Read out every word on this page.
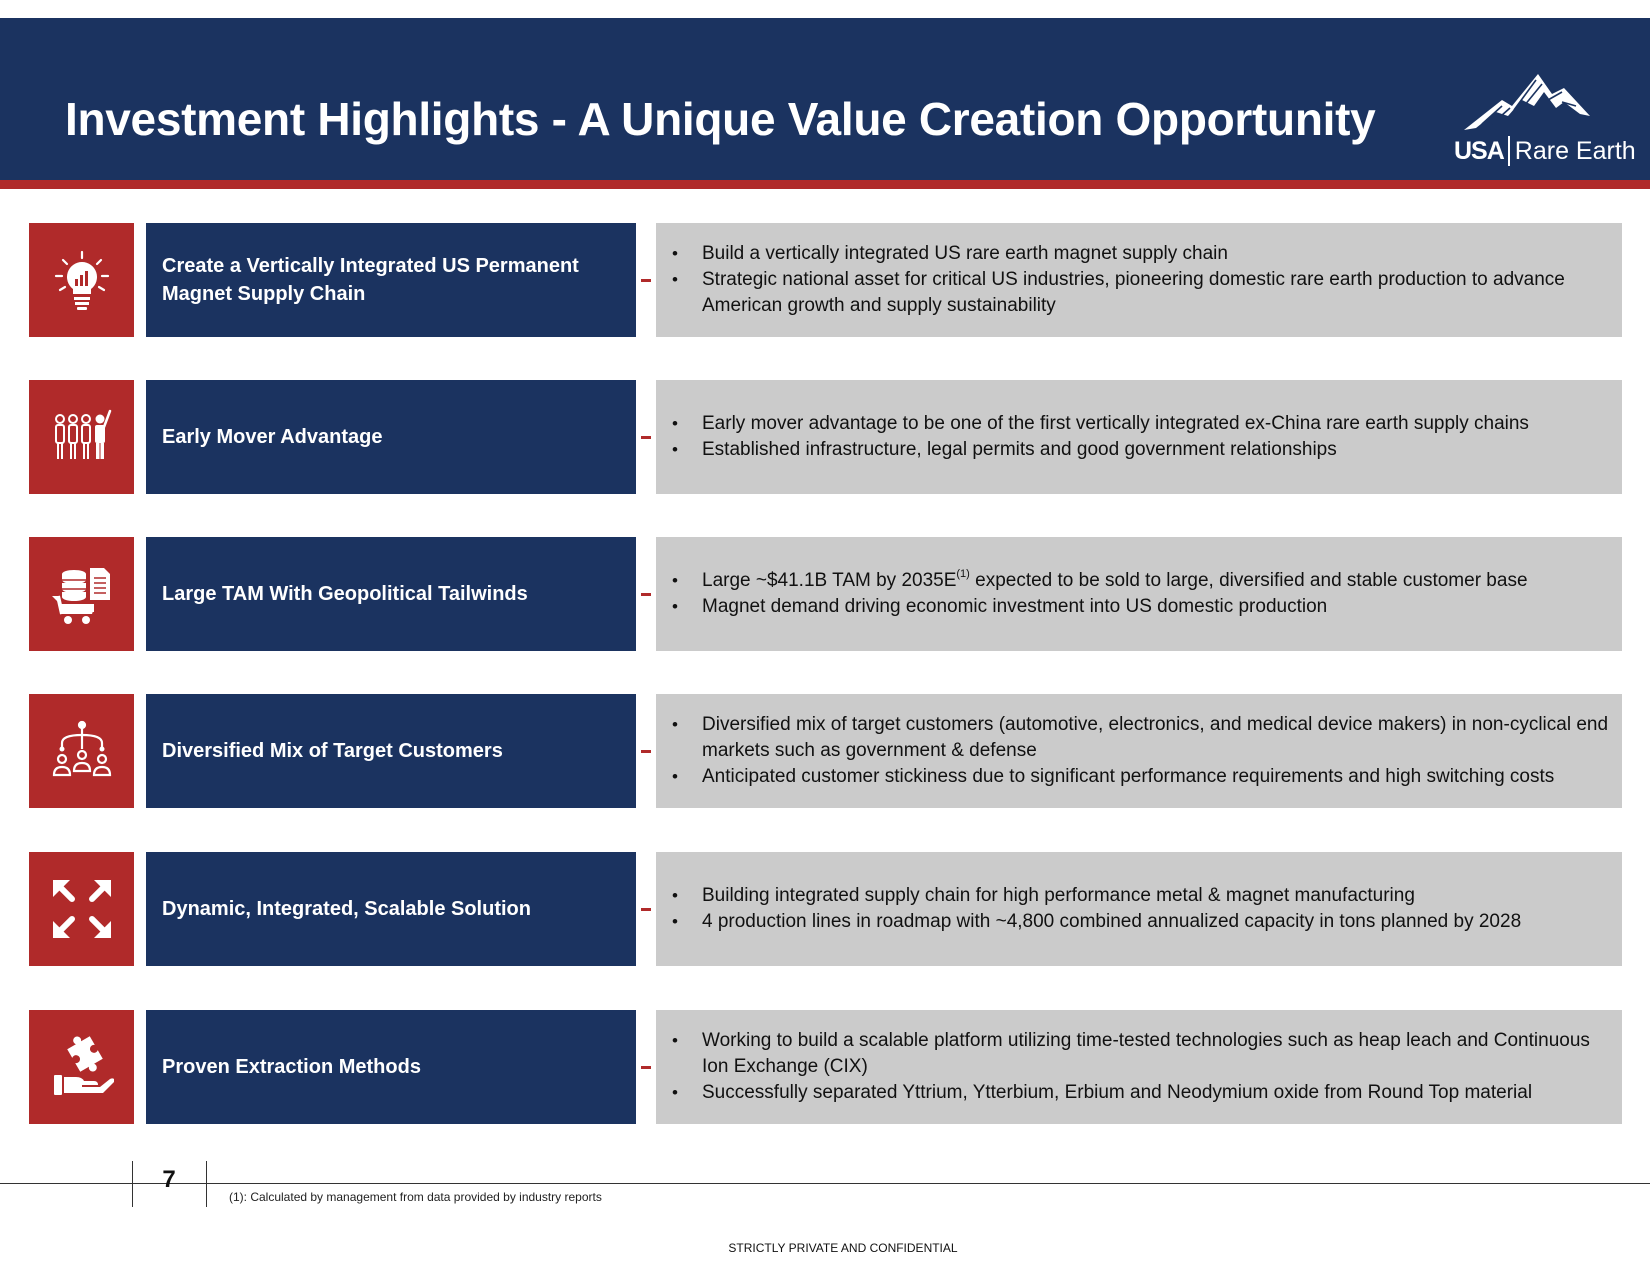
Investment Highlights - A Unique Value Creation Opportunity
USA Rare Earth
Create a Vertically Integrated US Permanent Magnet Supply Chain
• Build a vertically integrated US rare earth magnet supply chain
• Strategic national asset for critical US industries, pioneering domestic rare earth production to advance American growth and supply sustainability
Early Mover Advantage
• Early mover advantage to be one of the first vertically integrated ex-China rare earth supply chains
• Established infrastructure, legal permits and good government relationships
Large TAM With Geopolitical Tailwinds
• Large ~$41.1B TAM by $2035E^{(1)}$ expected to be sold to large, diversified and stable customer base
• Magnet demand driving economic investment into US domestic production
Diversified Mix of Target Customers
• Diversified mix of target customers (automotive, electronics, and medical device makers) in non-cyclical end markets such as government & defense
• Anticipated customer stickiness due to significant performance requirements and high switching costs
Dynamic, Integrated, Scalable Solution
• Building integrated supply chain for high performance metal & magnet manufacturing
• 4 production lines in roadmap with ~4,800 combined annualized capacity in tons planned by 2028
Proven Extraction Methods
• Working to build a scalable platform utilizing time-tested technologies such as heap leach and Continuous Ion Exchange (CIX)
• Successfully separated Yttrium, Ytterbium, Erbium and Neodymium oxide from Round Top material
7
(1): Calculated by management from data provided by industry reports
STRICTLY PRIVATE AND CONFIDENTIAL
